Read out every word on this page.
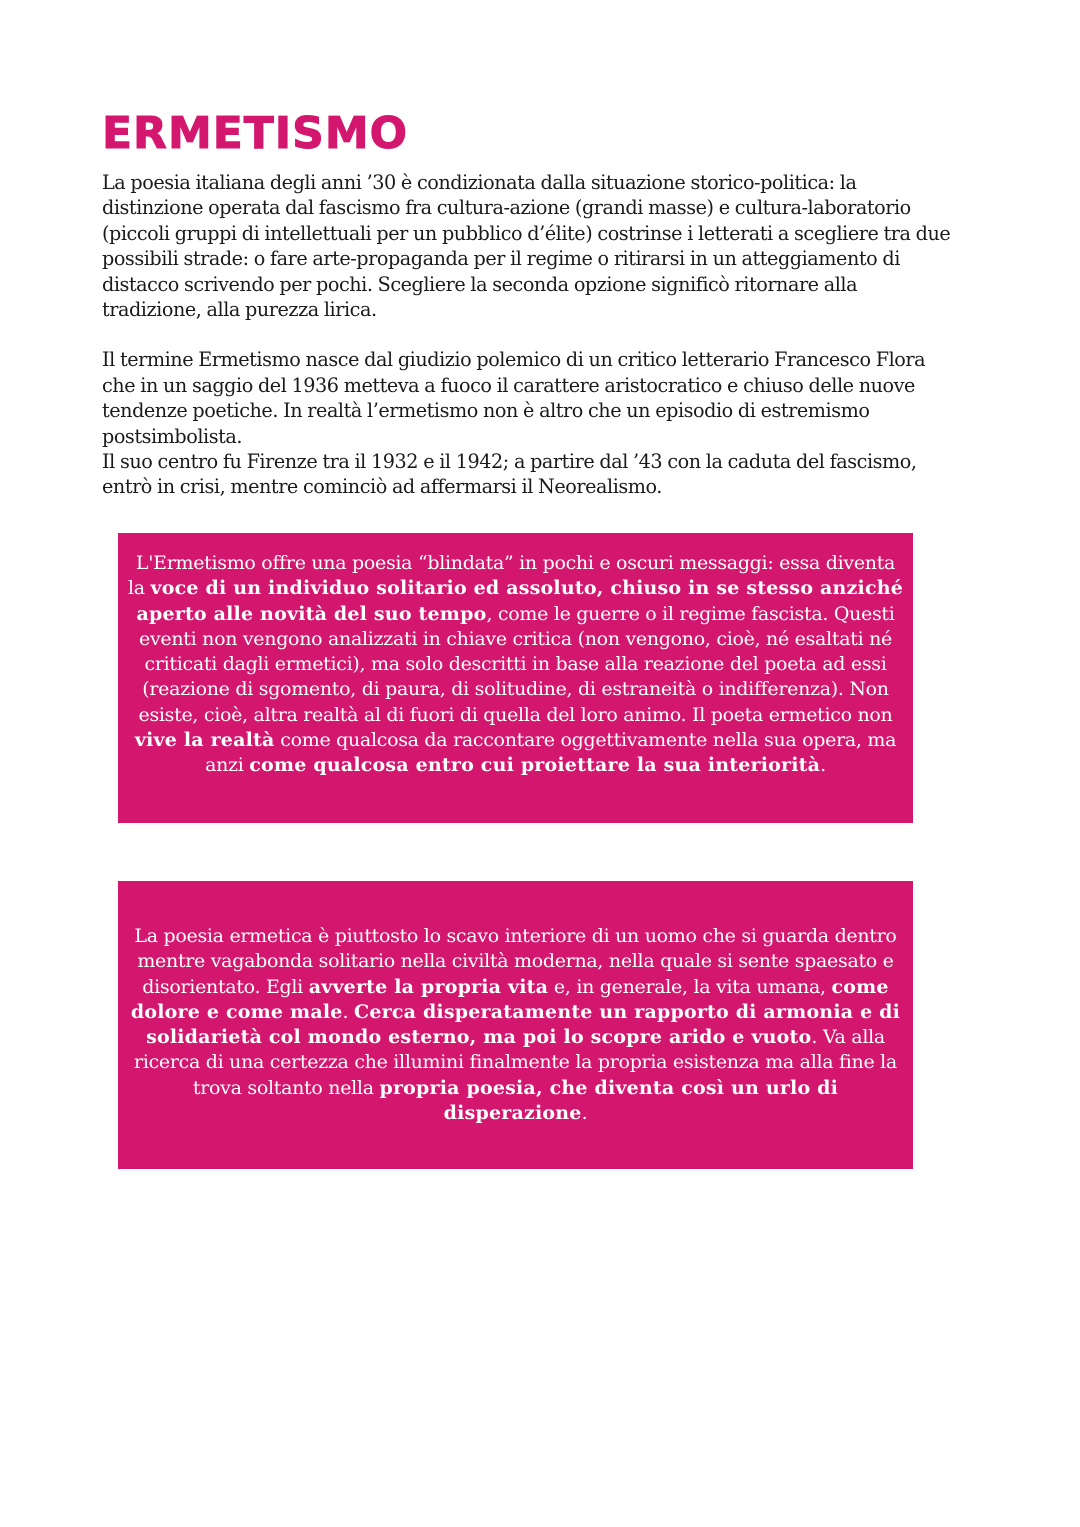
ERMETISMO

La poesia italiana degli anni ’30 è condizionata dalla situazione storico-politica: la
distinzione operata dal fascismo fra cultura-azione (grandi masse) e cultura-laboratorio
(piccoli gruppi di intellettuali per un pubblico d’élite) costrinse i letterati a scegliere tra due
possibili strade: o fare arte-propaganda per il regime o ritirarsi in un atteggiamento di
distacco scrivendo per pochi. Scegliere la seconda opzione significò ritornare alla
tradizione, alla purezza lirica.

Il termine Ermetismo nasce dal giudizio polemico di un critico letterario Francesco Flora
che in un saggio del 1936 metteva a fuoco il carattere aristocratico e chiuso delle nuove
tendenze poetiche. In realtà l’ermetismo non è altro che un episodio di estremismo
postsimbolista.

Il suo centro fu Firenze tra il 1932 e il 1942; a partire dal ’43 con la caduta del fascismo,
entrò in crisi, mentre cominciò ad affermarsi il Neorealismo.

L'Ermetismo offre una poesia “blindata” in pochi e oscuri messaggi: essa diventa la voce di un individuo solitario ed assoluto, chiuso in se stesso anziché aperto alle novità del suo tempo, come le guerre o il regime fascista. Questi eventi non vengono analizzati in chiave critica (non vengono, cioè, né esaltati né criticati dagli ermetici), ma solo descritti in base alla reazione del poeta ad essi (reazione di sgomento, di paura, di solitudine, di estraneità o indifferenza). Non esiste, cioè, altra realtà al di fuori di quella del loro animo. Il poeta ermetico non vive la realtà come qualcosa da raccontare oggettivamente nella sua opera, ma anzi come qualcosa entro cui proiettare la sua interiorità.
La poesia ermetica è piuttosto lo scavo interiore di un uomo che si guarda dentro mentre vagabonda solitario nella civiltà moderna, nella quale si sente spaesato e disorientato. Egli avverte la propria vita e, in generale, la vita umana, come dolore e come male. Cerca disperatamente un rapporto di armonia e di solidarietà col mondo esterno, ma poi lo scopre arido e vuoto. Va alla ricerca di una certezza che illumini finalmente la propria esistenza ma alla fine la trova soltanto nella propria poesia, che diventa così un urlo di disperazione.
